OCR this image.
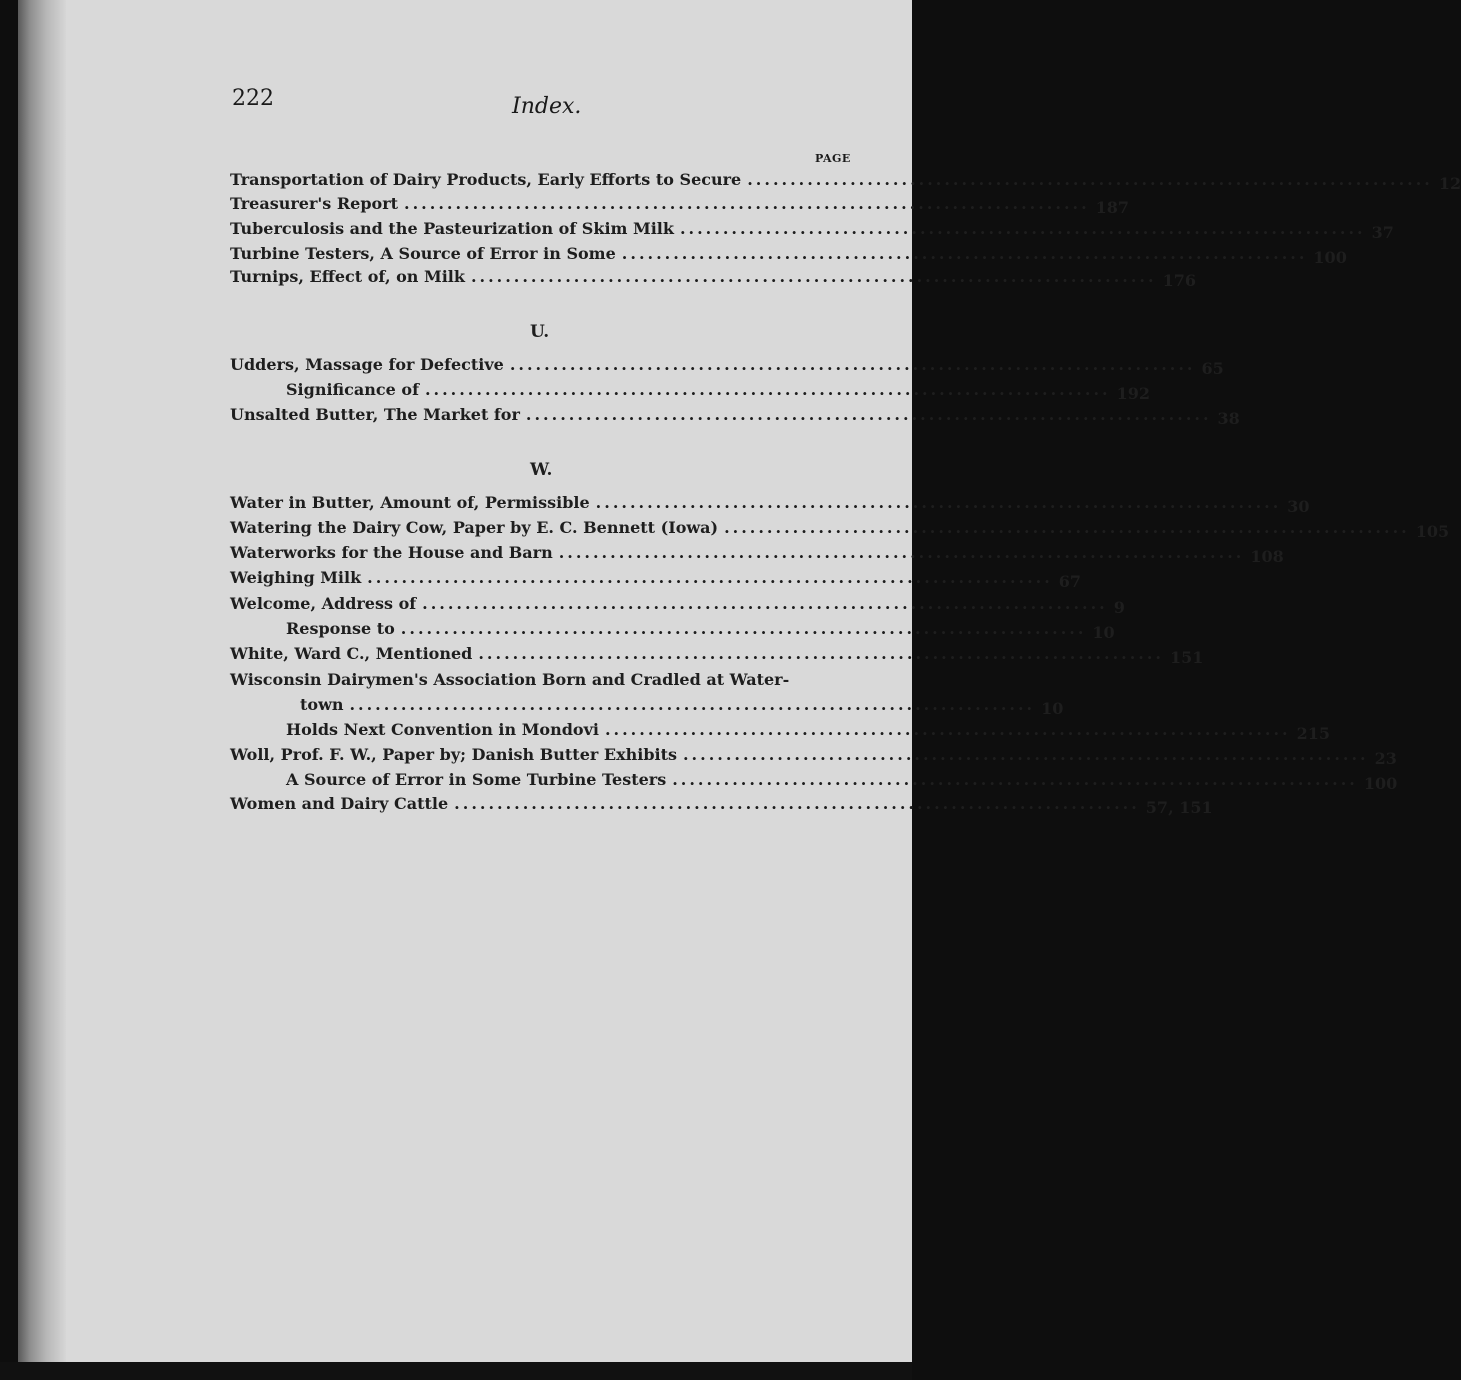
222	Index.
PAGE
Transportation of Dairy Products, Early Efforts to Secure ................................................................................ 12
Treasurer's Report ................................................................................ 187
Tuberculosis and the Pasteurization of Skim Milk ................................................................................ 37
Turbine Testers, A Source of Error in Some ................................................................................ 100
Turnips, Effect of, on Milk ................................................................................ 176
Udders, Massage for Defective ................................................................................ 65
Significance of ................................................................................ 192
Unsalted Butter, The Market for ................................................................................ 38
Water in Butter, Amount of, Permissible ................................................................................ 30
Watering the Dairy Cow, Paper by E. C. Bennett (Iowa) ................................................................................ 105
Waterworks for the House and Barn ................................................................................ 108
Weighing Milk ................................................................................ 67
Welcome, Address of ................................................................................ 9
Response to ................................................................................ 10
White, Ward C., Mentioned ................................................................................ 151
Wisconsin Dairymen's Association Born and Cradled at Water-
town ................................................................................ 10
Holds Next Convention in Mondovi ................................................................................ 215
Woll, Prof. F. W., Paper by; Danish Butter Exhibits ................................................................................ 23
A Source of Error in Some Turbine Testers ................................................................................ 100
Women and Dairy Cattle ................................................................................ 57, 151
U.
W.
